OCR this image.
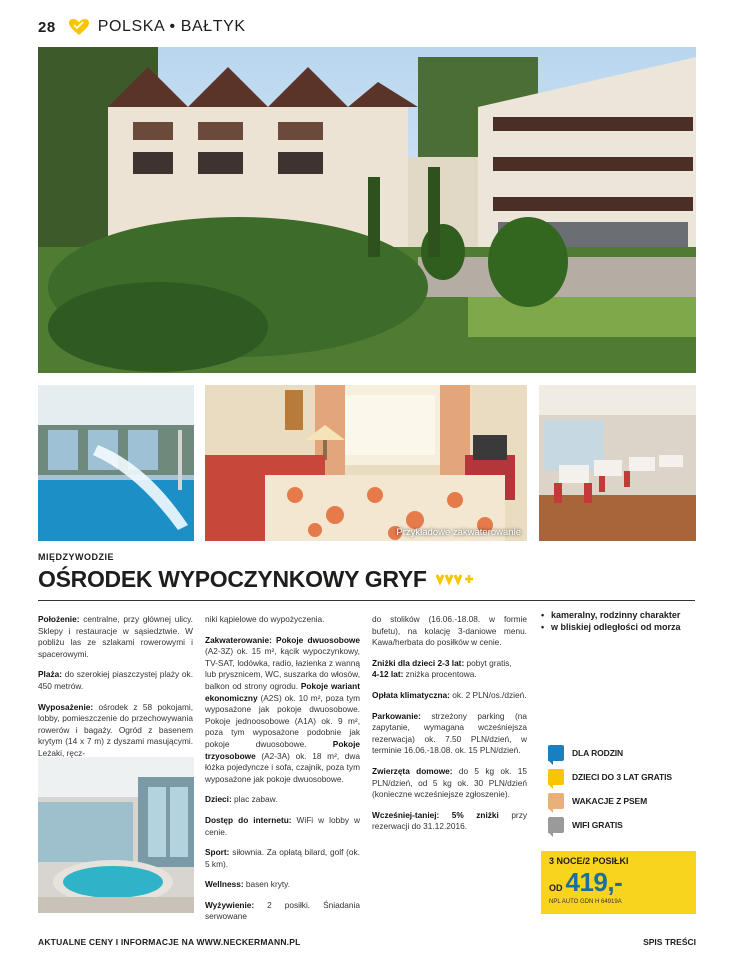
28	POLSKA • BAŁTYK
Przykładowe zakwaterowanie
MIĘDZYWODZIE
OŚRODEK WYPOCZYNKOWY GRYF

Położenie: centralne, przy głównej ulicy. Sklepy i restauracje w sąsiedztwie. W pobliżu las ze szlakami rowerowymi i spacerowymi.

Plaża: do szerokiej piaszczystej plaży ok. 450 metrów.

Wyposażenie: ośrodek z 58 pokojami, lobby, pomieszczenie do przechowywania rowerów i bagaży. Ogród z basenem krytym (14 x 7 m) z dyszami masującymi. Leżaki, ręcz-

niki kąpielowe do wypożyczenia.

Zakwaterowanie: Pokoje dwuosobowe (A2-3Z) ok. 15 m², kącik wypoczynkowy, TV-SAT, lodówka, radio, łazienka z wanną lub prysznicem, WC, suszarka do włosów, balkon od strony ogrodu. Pokoje wariant ekonomiczny (A2S) ok. 10 m², poza tym wyposażone jak pokoje dwuosobowe. Pokoje jednoosobowe (A1A) ok. 9 m², poza tym wyposażone podobnie jak pokoje dwuosobowe. Pokoje trzyosobowe (A2-3A) ok. 18 m², dwa łóżka pojedyncze i sofa, czajnik, poza tym wyposażone jak pokoje dwuosobowe.

Dzieci: plac zabaw.

Dostęp do internetu: WiFi w lobby w cenie.

Sport: siłownia. Za opłatą bilard, golf (ok. 5 km).

Wellness: basen kryty.

Wyżywienie: 2 posiłki. Śniadania serwowane

do stolików (16.06.-18.08. w formie bufetu), na kolację 3-daniowe menu. Kawa/herbata do posiłków w cenie.

Zniżki dla dzieci 2-3 lat: pobyt gratis,
4-12 lat: zniżka procentowa.

Opłata klimatyczna: ok. 2 PLN/os./dzień.

Parkowanie: strzeżony parking (na zapytanie, wymagana wcześniejsza rezerwacja) ok. 7.50 PLN/dzień, w terminie 16.06.-18.08. ok. 15 PLN/dzień.

Zwierzęta domowe: do 5 kg ok. 15 PLN/dzień, od 5 kg ok. 30 PLN/dzień (konieczne wcześniejsze zgłoszenie).

Wcześniej-taniej: 5% zniżki przy rezerwacji do 31.12.2016.

• kameralny, rodzinny charakter
• w bliskiej odległości od morza
DLA RODZIN
DZIECI DO 3 LAT GRATIS
WAKACJE Z PSEM
WIFI GRATIS
3 NOCE/2 POSIŁKI
OD 419,-
NPL AUTO GDN H 64919A
AKTUALNE CENY I INFORMACJE NA WWW.NECKERMANN.PL	SPIS TREŚCI
